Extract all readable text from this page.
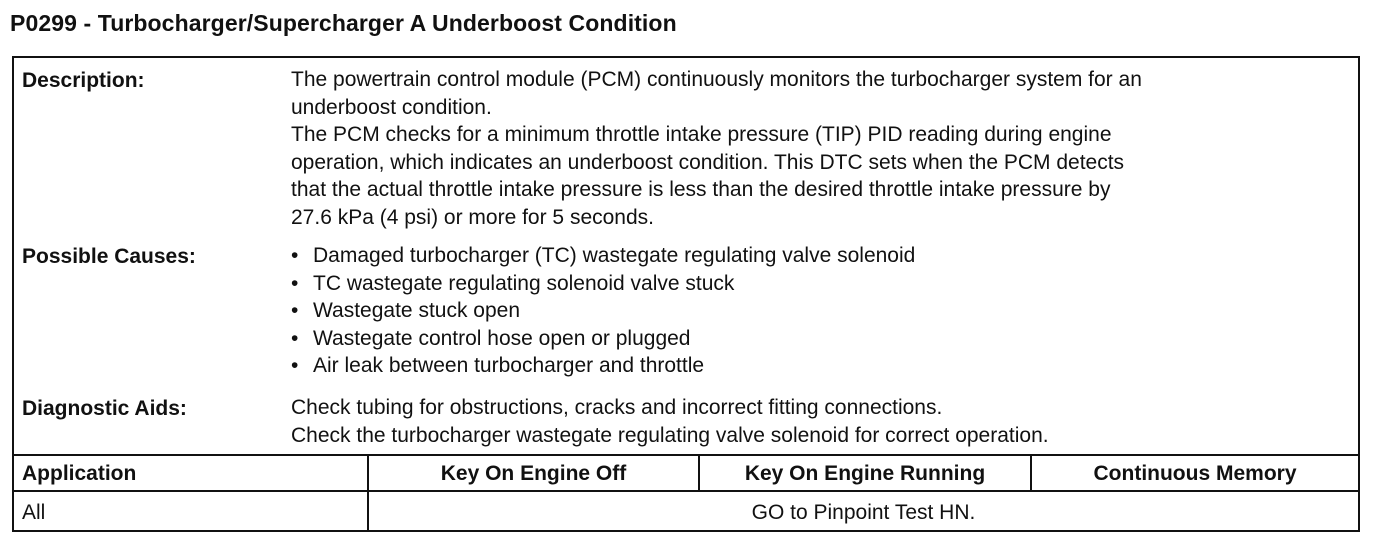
P0299 - Turbocharger/Supercharger A Underboost Condition
Description:	The powertrain control module (PCM) continuously monitors the turbocharger system for an
underboost condition.
The PCM checks for a minimum throttle intake pressure (TIP) PID reading during engine
operation, which indicates an underboost condition. This DTC sets when the PCM detects
that the actual throttle intake pressure is less than the desired throttle intake pressure by
27.6 kPa (4 psi) or more for 5 seconds.
Possible Causes:	• Damaged turbocharger (TC) wastegate regulating valve solenoid
• TC wastegate regulating solenoid valve stuck
• Wastegate stuck open
• Wastegate control hose open or plugged
• Air leak between turbocharger and throttle
Diagnostic Aids:	Check tubing for obstructions, cracks and incorrect fitting connections.
Check the turbocharger wastegate regulating valve solenoid for correct operation.
Application	Key On Engine Off	Key On Engine Running	Continuous Memory
All	GO to Pinpoint Test HN.
